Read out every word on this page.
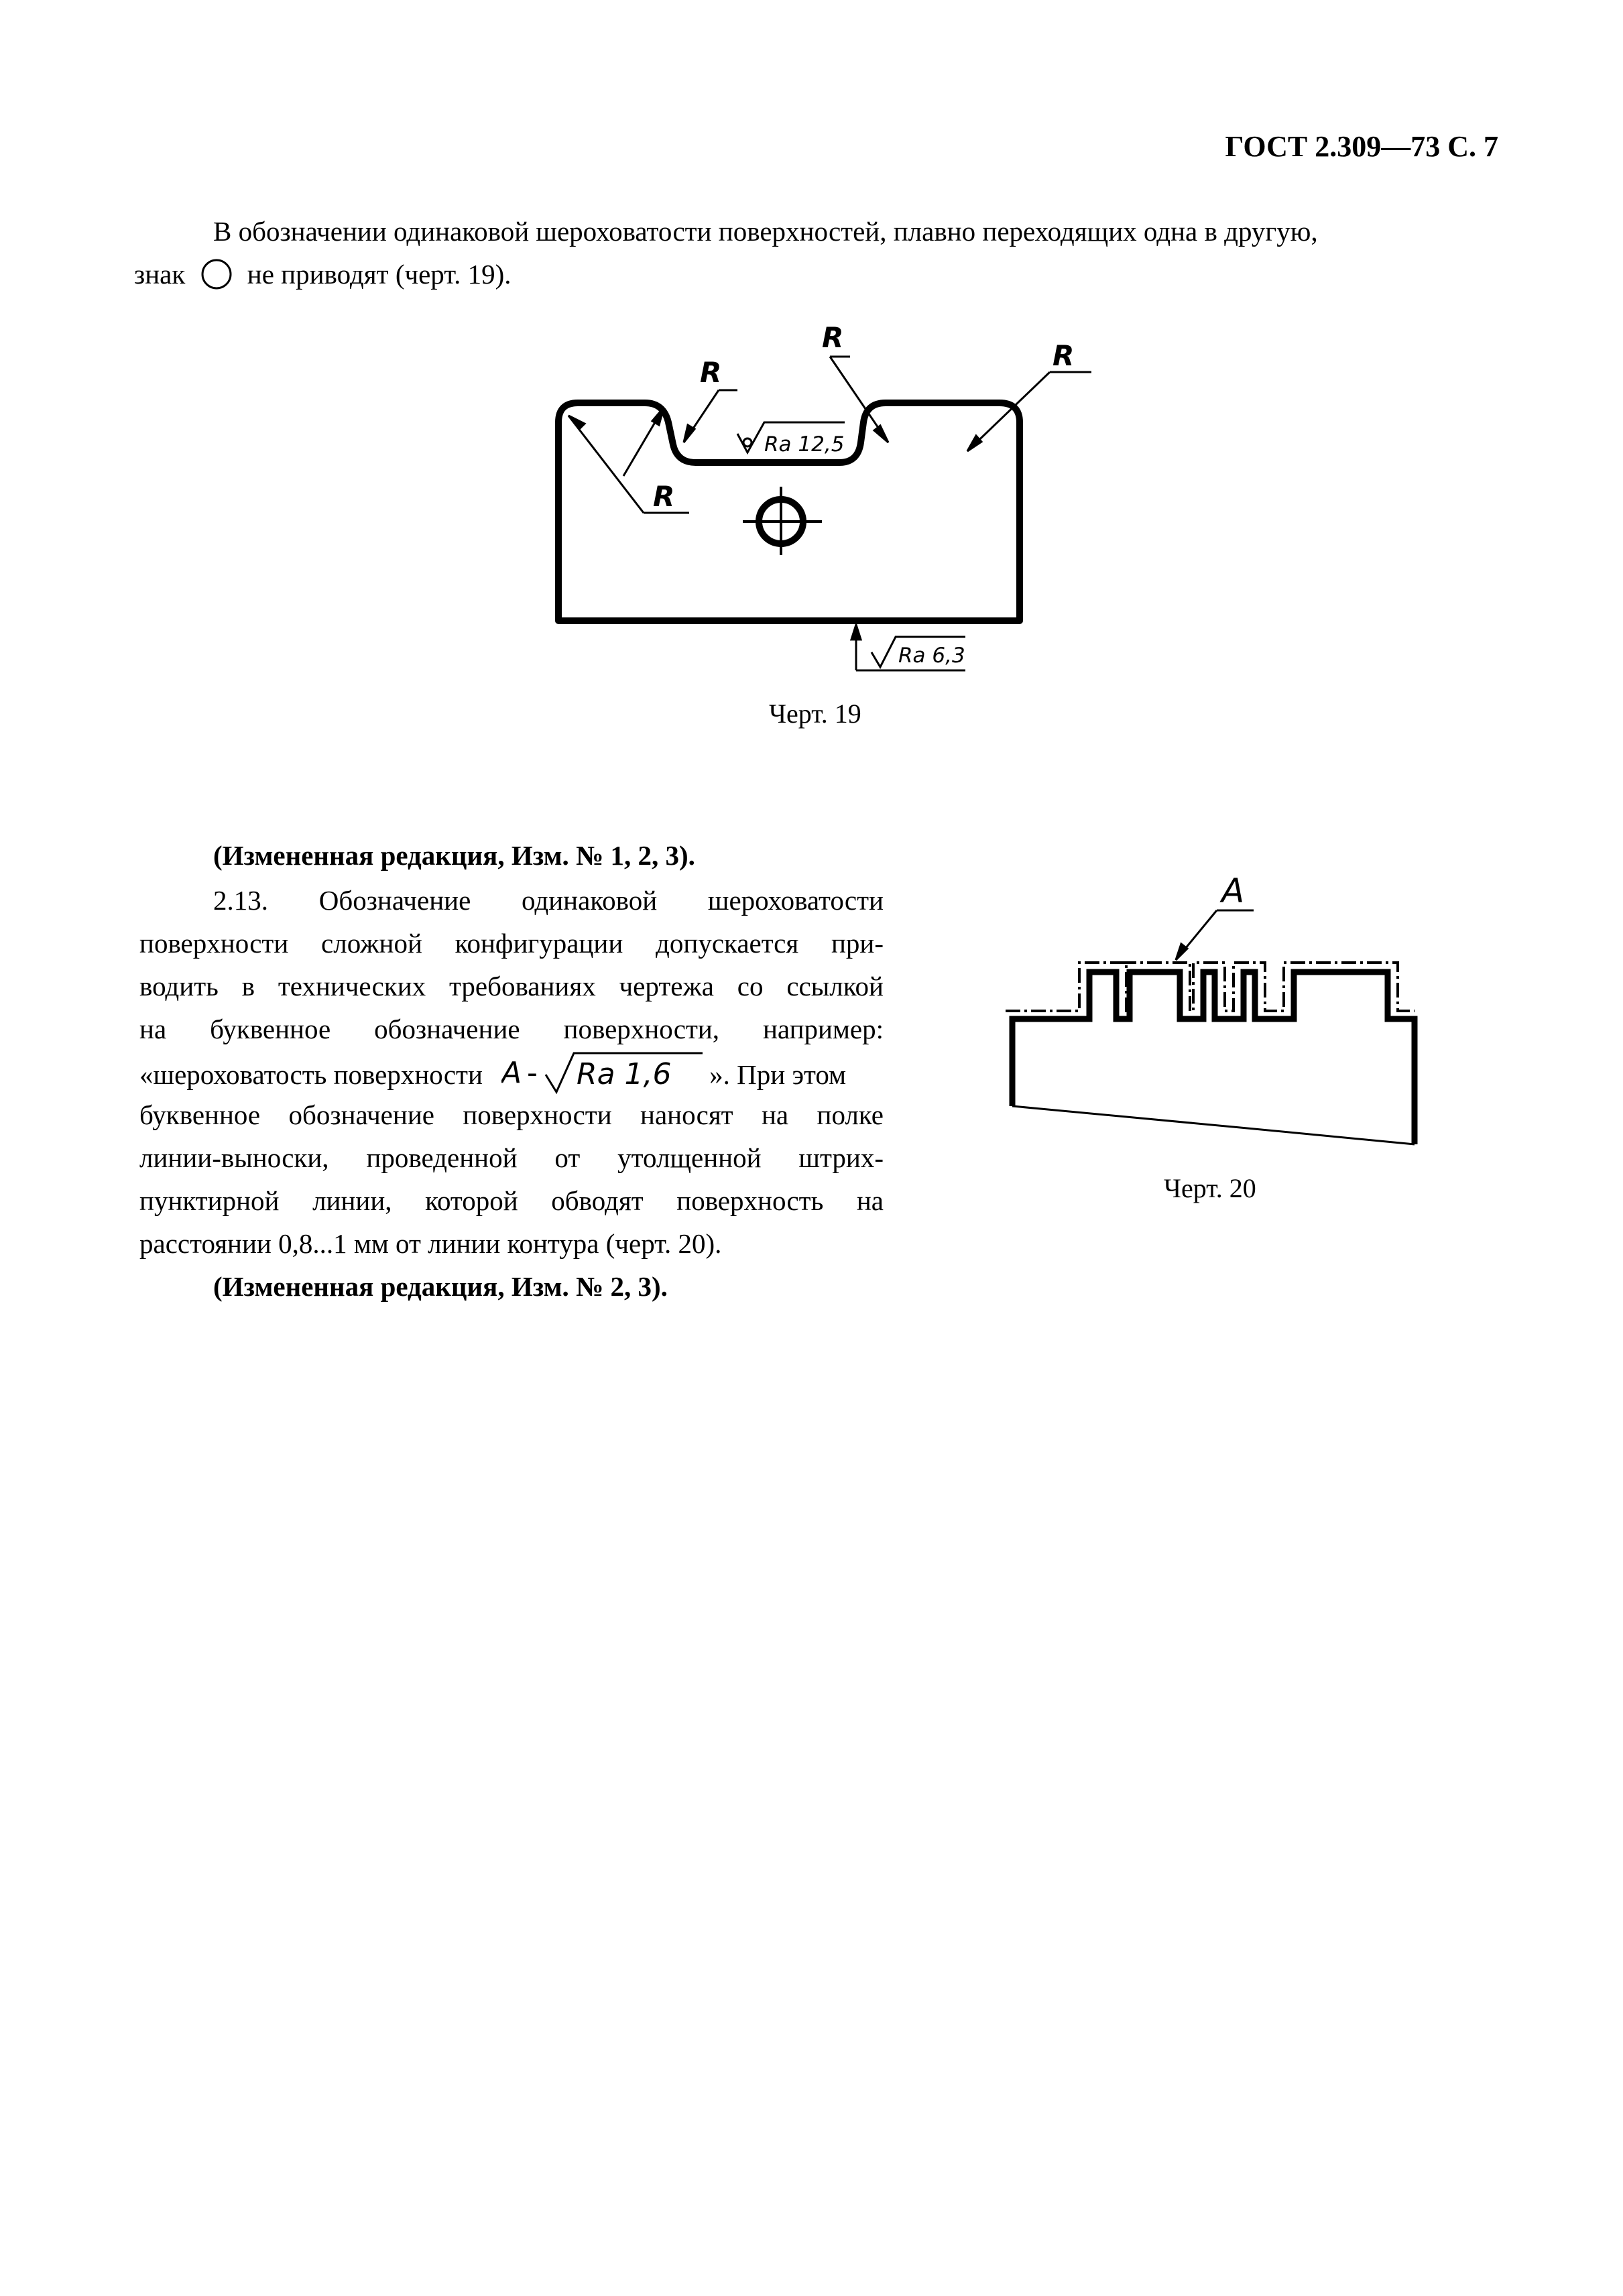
ГОСТ 2.309—73 С. 7
В обозначении одинаковой шероховатости поверхностей, плавно переходящих одна в другую,
знак не приводят (черт. 19).
R
R
R
R
Ra 12,5
Ra 6,3
Черт. 19
(Измененная редакция, Изм. № 1, 2, 3).
2.13. Обозначение одинаковой шероховатости
поверхности сложной конфигурации допускается при-
водить в технических требованиях чертежа со ссылкой
на буквенное обозначение поверхности, например:
«шероховатость поверхности A - Ra 1,6 ». При этом
буквенное обозначение поверхности наносят на полке
линии-выноски, проведенной от утолщенной штрих-
пунктирной линии, которой обводят поверхность на
расстоянии 0,8...1 мм от линии контура (черт. 20).
(Измененная редакция, Изм. № 2, 3).
A
Черт. 20
